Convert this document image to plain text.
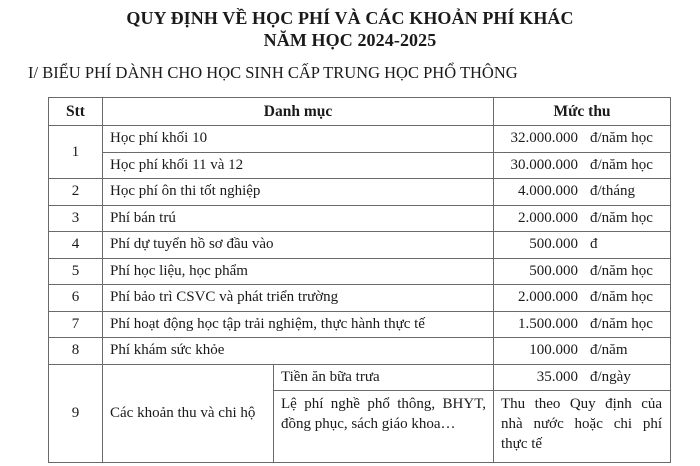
QUY ĐỊNH VỀ HỌC PHÍ VÀ CÁC KHOẢN PHÍ KHÁC
NĂM HỌC 2024-2025
I/ BIỂU PHÍ DÀNH CHO HỌC SINH CẤP TRUNG HỌC PHỔ THÔNG
Stt	Danh mục		Mức thu
1	Học phí khối 10		32.000.000 đ/năm học

	Học phí khối 11 và 12		30.000.000 đ/năm học

2	Học phí ôn thi tốt nghiệp		4.000.000 đ/tháng

3	Phí bán trú		2.000.000 đ/năm học

4	Phí dự tuyển hồ sơ đầu vào		500.000 đ

5	Phí học liệu, học phẩm		500.000 đ/năm học

6	Phí bảo trì CSVC và phát triển trường		2.000.000 đ/năm học

7	Phí hoạt động học tập trải nghiệm, thực hành thực tế		1.500.000 đ/năm học

8	Phí khám sức khỏe		100.000 đ/năm

9	Các khoản thu và chi hộ	Tiền ăn bữa trưa	35.000 đ/ngày

		Lệ phí nghề phổ thông, BHYT, đồng phục, sách giáo khoa…	Thu theo Quy định của nhà nước hoặc chi phí thực tế
